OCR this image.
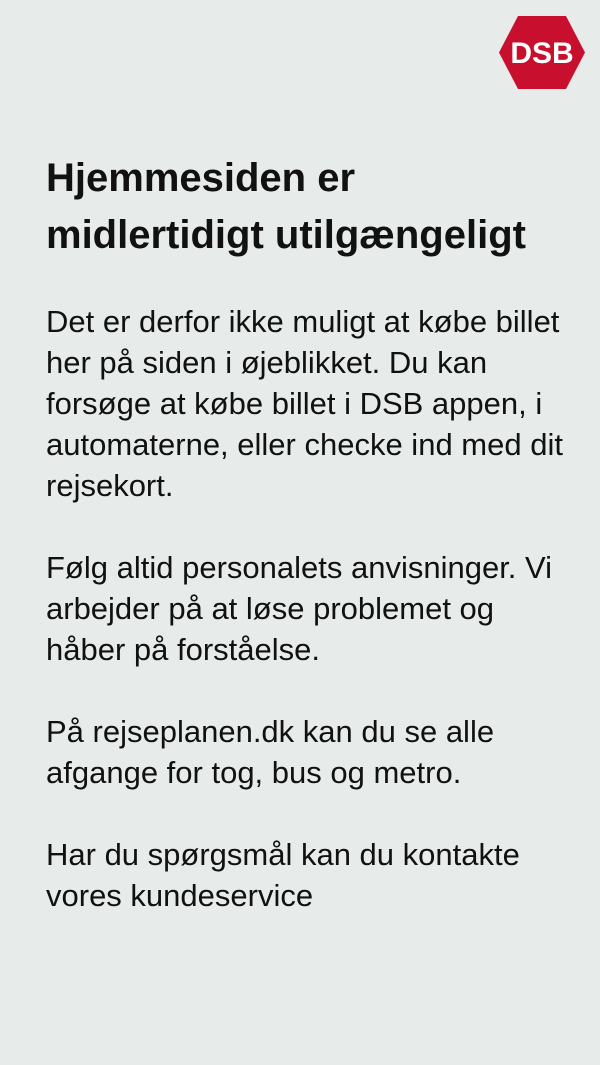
DSB
Hjemmesiden er midlertidigt utilgængeligt

Det er derfor ikke muligt at købe billet her på siden i øjeblikket. Du kan forsøge at købe billet i DSB appen, i automaterne, eller checke ind med dit rejsekort.

Følg altid personalets anvisninger. Vi arbejder på at løse problemet og håber på forståelse.

På rejseplanen.dk kan du se alle afgange for tog, bus og metro.

Har du spørgsmål kan du kontakte vores kundeservice
